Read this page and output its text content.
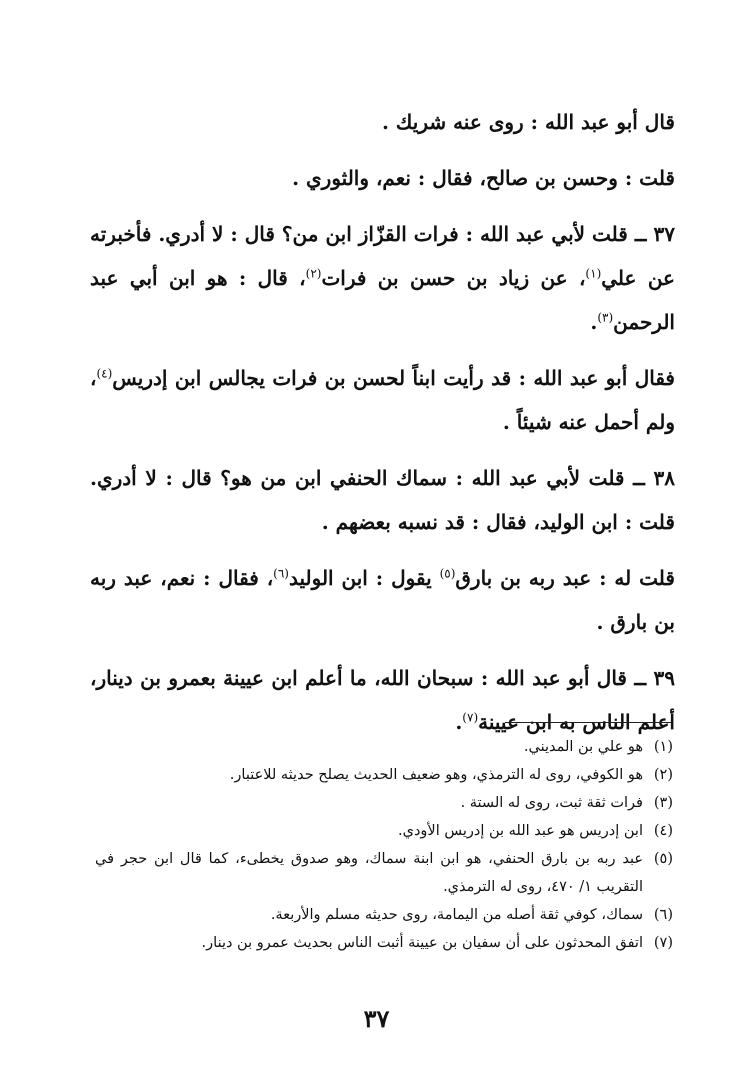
قال أبو عبد الله : روى عنه شريك .

قلت : وحسن بن صالح، فقال : نعم، والثوري .

٣٧ ــ قلت لأبي عبد الله : فرات القزّاز ابن من؟ قال : لا أدري. فأخبرته عن علي$^{(١)}$، عن زياد بن حسن بن فرات$^{(٢)}$، قال : هو ابن أبي عبد الرحمن$^{(٣)}$.

فقال أبو عبد الله : قد رأيت ابناً لحسن بن فرات يجالس ابن إدريس$^{(٤)}$، ولم أحمل عنه شيئاً .

٣٨ ــ قلت لأبي عبد الله : سماك الحنفي ابن من هو؟ قال : لا أدري. قلت : ابن الوليد، فقال : قد نسبه بعضهم .

قلت له : عبد ربه بن بارق$^{(٥)}$ يقول : ابن الوليد$^{(٦)}$، فقال : نعم، عبد ربه بن بارق .

٣٩ ــ قال أبو عبد الله : سبحان الله، ما أعلم ابن عيينة بعمرو بن دينار، أعلم الناس به ابن عيينة$^{(٧)}$.

(١)
هو علي بن المديني.
(٢)
هو الكوفي، روى له الترمذي، وهو ضعيف الحديث يصلح حديثه للاعتبار.
(٣)
فرات ثقة ثبت، روى له الستة .
(٤)
ابن إدريس هو عبد الله بن إدريس الأودي.
(٥)
عبد ربه بن بارق الحنفي، هو ابن ابنة سماك، وهو صدوق يخطىء، كما قال ابن حجر في التقريب ١/ ٤٧٠، روى له الترمذي.
(٦)
سماك، كوفي ثقة أصله من اليمامة، روى حديثه مسلم والأربعة.
(٧)
اتفق المحدثون على أن سفيان بن عيينة أثبت الناس بحديث عمرو بن دينار.
٣٧
